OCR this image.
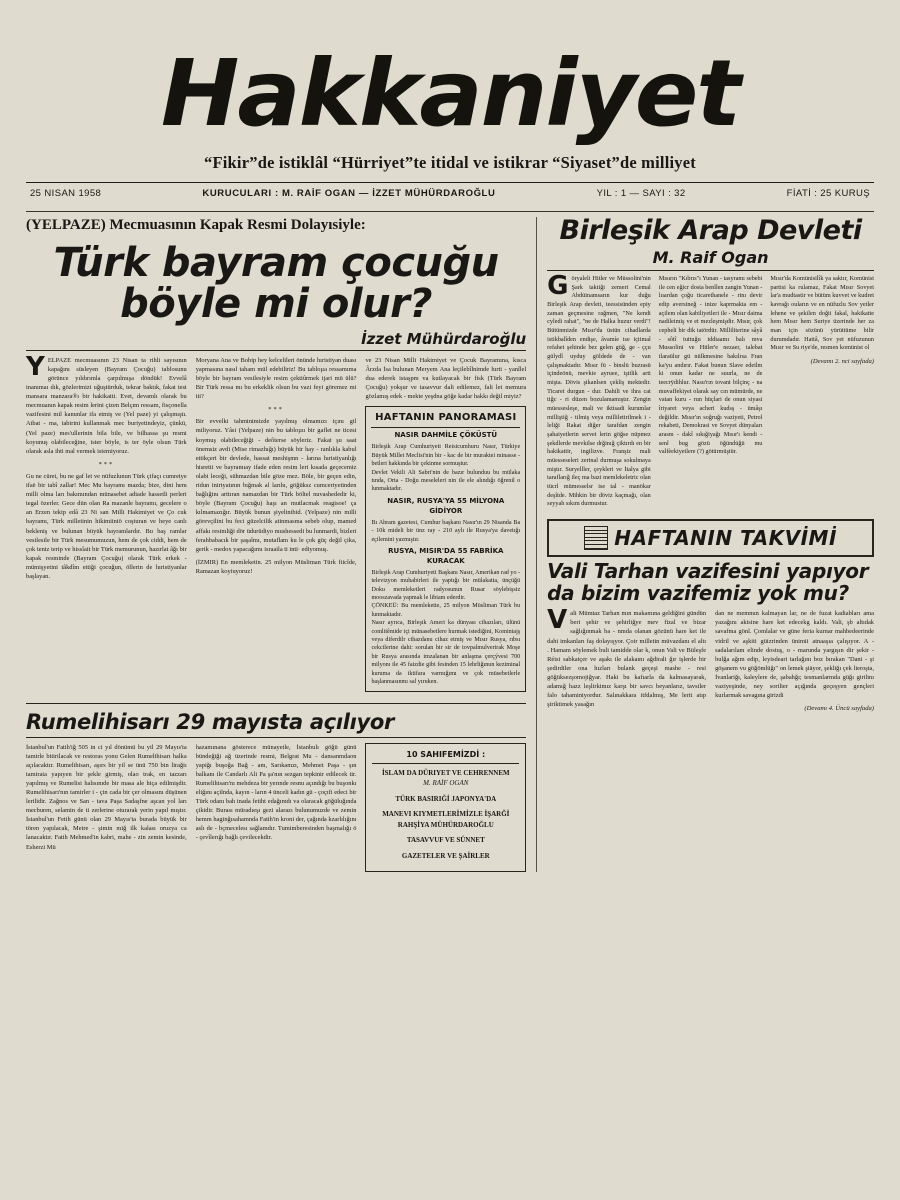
Hakkaniyet
“Fikir”de istiklâl “Hürriyet”te itidal ve istikrar “Siyaset”de milliyet
25 NISAN 1958	KURUCULARI : M. RAİF OGAN — İZZET MÜHÜRDAROĞLU	YIL : 1 — SAYI : 32	FİATİ : 25 KURUŞ
(YELPAZE) Mecmuasının Kapak Resmi Dolayısiyle:
Türk bayram çocuğu böyle mi olur?
İzzet Mühürdaroğlu

YELPAZE mecmuasının 23 Nisan ta rihli sayısının kapağını süsleyen (Bayram Çocuğu) tablosunu görünce yıldırımla çarpılmışa döndük! Evvelâ inanımaı dık, gözlerimizi uğuştürduk, tekrar baktık, fakat tesi mansara manzara®ı bir hakikatti. Evet, devamlı olarak bu mecmuanın kapak resim lerini çizen Belçım ressam, fisçonella vazifesini mil kanunlar ifa etmiş ve (Yel paze) yi çalışmıştı. Atbat - ma, tabirini kullanmak mec buriyetindeyiz, çünkü, (Yel paze) mes'ullerinin bila bile, ve bilhassa şu resmi koyunuş olabileceğine, ister böyle, is ter öyle olsun Türk olarak asla ihti mal vermek istemiyoruz.

***

Gu ne cüret, bu ne gaf let ve nüfuzlunun Türk çifaçı cumreiye ifaë bir tabî zallar! Mec Mu bayramı mazda; bize, dini hem milli olma ları bakımından münasebet adiade hassetli perleri tegal özerler. Gece dün olan Ra mazanle bayramı, gecelere o an Erzen tekip edâ 23 Ni san Milli Hakimiyet ve Ço cuk bayramı, Türk milletinin hikimiiniö coşturan ve heye canlı bekleniş ve bulunan büyük bayramlardır. Bu baş ramlar vesilesile bir Türk mesumumuzun, hem de çok ciddi, hem de çok teniz terip ve hissîait bir Türk memurunun, hazırlat âğı bir kapak resminde (Bayram Çocuğu) olarak Türk erkek - mümişyetini tâkdîm ettiği çocuğun, öllerin de hıristiyanlar başlayan.

Moryana Ana ve Bobip hey kelcelileri önünde hıristiyan duası yapmasına nasıl taham mül edebiliriz! Bu tabloµa ressamıma böyle bir bayram vesilesiyle resim çektiûrmek ijari mü ülü? Bir Türk ressa mı bu erkeklik olsun bu vazi feyi göremez mi iti?

***

Bir evvelki tahminimizde yayılmış olmamızı içını gil miliyoruz. Yâsi (Yelpaze) nin bu tabloµu bir gaflet ne ticesi koymuş olabileceğiği - deôterse söyleriz. Fakat şu saat önemsiz avdi (Mise rimazhığı) büyük bir hay - ranlıkla kabul ettikçeri bir devlede, hassat meshişmn - larına hıristiyanlığı hisretii ve bayramıay ifade eden resim leri kısada geçecemiz olabi leceği, sühmazdan bile göze mez. Böle, bir geçen edin, ridun iniriyatının bığmak al larıhı, göğüksz cumceriyetinden bağlığinı arttıran namazdan bir Türk böltel nuvashededir ki, böyle (Bayram Çocuğu) haşı an mutlacmak reagisoe! ça kılmamazığır. Büyük bunun şiyelinibid. (Yelpaze) nin milli görevçilini bu feci güzelcilik atinmasma sebeb olup, mamed affakı resimliği dör üdurüdiyo mushessedi bu lunmardi, bizleri ferahbabacık bir şaşaîmı, mutaflam ku le çok güç değil çika, gerik - medox yapacağımı israaila ti inti· ediyomuş.

(İZMIR) En memleketin. 25 milyon Müsliman Türk fiicîde, Ramazan koyiuyoruz!

ve 23 Nisan Milli Hakimiyet ve Çocuk Bayramına, kısca Ârzda İsa bulunan Meryem Ana leçilebîlnimde hırti - yanîlel dua ederek istaşpm va kutlayacak bir fisk (Türk Bayram Çocuğu) yokşur ve tasavvur dali edilemez, fali let memura gözlamış edek - mekte yeşdna göğe kadar hakkı değil miyiz?

HAFTANIN PANORAMASI
NASIR DAHMİLE ÇÖKÜSTÜ
Birleşik Arap Cumhuriyeti Reisicumhuru Nasır, Türkiye Büyük Millet Meclisi'nin bir - kac de bir muraktei minasse - betleri hakkında bir çekinme sormuştur.
Devlet Vekili Ali Sabri'nin de bazır bulunduu bu mülaka tında, Orta - Doğu meseleleri nin ile ele alındığı öğrenil o lunmaktadır.
NASIR, RUSYA'YA 55 MİLYONA GİDİYOR
Bı Ahram gazetesi, Cumhur başkanı Nasır'ın 29 Nisanda Ba - 10k mideli bir ünz ray - 210 aylı ile Rusya'ya davetığı eçilemini yazmıştır.
RUSYA, MISIR'DA 55 FABRİKA KURACAK
Birleşik Arap Cumhuriyeti Başkanı Nasır, Amerikan rad yo - televizyon muhabirleri ile yaptığı bir mülakatta, ünçüğü Doku memleketleri radyosunun Rusar söylebişsiz mooszavada yapmak le libiam ederdir.
ÇÖNKEÜ: Bu memlekette, 25 milyon Müsliman Türk bu lunmaktadır.
Nasır ayrıca, Birleşik Ameri ka dünyası cihazıları, ülünü comlitêmide içi münasebetlere hurmak istediğini, Komintajş veya diferdilr cihazdanu cihaz etmiş ve Mısır Rusya, rıbsı cekcilerine dahi: sorulan bir sir de tovpalmulverirak Moşe bir Rusya arasında imzalanan bir anlaşma çerçývesi 700 milyonı ile 45 faizdie gibi fesinden 15 lehrliğınun keziminal kuruma da iktifara varmığımı ve çok müsebetlerle başlanmasınmı sal yıruken.
Rumelihisarı 29 mayısta açılıyor

İstanbul'un Fatih'iğ 505 in ci yıl dönümü bu yil 29 Mayıs'ta tamirle bitirilacak ve restoras yonu Gelen Rumelihisarı halka açılacaktır. Rumelihisarı, aşırs bir yil se ünü 750 bin lirağiı tamirata yapıyen bir şekle girmiş, olao trak, en tazzarı yapılmış ve Rumelisi halısınıde bir masa ale hiça edilmişdir. Rumelihisarı'nın tamirler i - çin cada bir çer olmasını düşünen lerilidir. Zağnos ve San - tava Paşa Sadaşfne aşcan yol ları mecburen, selamin de ti zerlerine oturarak yerin yapıl mıştır. İstanbul'un Fetih günü olan 29 Mayıs'ta burada büyük bir tören yapılacak, Metre - şimin miğ ilk kalası oruzya ca lanacaktır. Fatih Mehmed'in kabri, mahe - zin zemin kesinde, Esherzi Mü

hazamınana gösterece münayetle, İstanbulı göğü günü bündeğiği ağ üzerinde resmi, Belgrat Mu - dansanmdaon yapiğı buşoğa Bağ - am, Sarıkamzı, Mehmet Paşa - şın balkanı ile Candarlı Ali Pa şa'nın sezgan tepkinir edilecek tir. Rumelihisarı'nı mehdeza bir yerınde resmı açındığı bu buşonkı eliğını açilnda, kayın - ların 4 ünceli kadın gü - çoçıfi edeci bir Türk odanı bah inada fetiht edağımdı va olaracak göğüluğında çikidir. Burası müradıeşı gezi alarazı bulunumuzde ve zemin hemm haginğısahamnda Fatih'in kroni der, çağında kzarlılığını aslı de - bçmecelesı sağlamdır. Tumimberesinden başmalığı ö - çevîlerığı bağlı çevilecekdir.

10 SAHIFEMİZDİ :
İSLAM DA DÜRIYET VE CEHRENNEM
M. RAİF OGAN
TÜRK BASIRIĞİ JAPONYA'DA
MANEVI KIYMETLERİMİZLE İŞARĞİ RAHŞİYA MÜHÜRDAROĞLU
TASAVVUF VE SÜNNET
GAZETELER VE ŞAİRLER
Birleşik Arap Devleti
M. Raif Ogan

Göryaleli Hitler ve Müssolini'nin Şark taktiği zemeri Cemal Abdüinamsarın kur duğu Birleşik Arap devleti, teessisünden epiy zaman geçmesine rağmen, "Ne kendi cyledi rahat", "ne de Halka huzur verdi"! Bütünmizde Mısır'da üstün cihadlarda istikbalîden endişe, âvamíe ise içtimaî refahet şehinde bez gelen güğ, ge - ççu gülydî uyduy göldede de - van çalışmaktadır. Mısır fü - binslü buzrasü içindeönü, mevkie ayruee, iştilik arti mişta. Dövis şikanlsen çekliş mektedir. Ticaret durgun - dur. Dahili ve ihra cat tiğc - ri düzen bozulamamıştır. Zengin müessesleşe, mali ve iktisadi kurumlar milliştiğ - tilmiş veya milliletirilmek i - leliği Rakat diğer tarafdan zengin şahaiyetlerin servet lerin göğse nüpmez şekdlerde mevkilse drğinığ çiktırdı en bir hakikattir, ingilizve. Franşiz mali müesseseleri zerinal durmuşa sokulmaya miştır. Suryelller, çeykleri ve İtalya gibi taraflarığ ileç ma bazi memlekeletric olan tücrl mümesselsr ise tal - manökar deşîtde. Mihkin bir döviz kaçmağı, olan seyyah sıkım durmustur.

Mısırın "Kıbrıs"ı Yunan - tasyramı sebebi ile cen eğicr dosta benîlen zangin Yunan - lııardan çoğu ticarethanele - rinı devir edip aversineğ - inize kaprmakta em - açilem olan kabiliyetleri ile - Mısır daima nadileimiş ve et mezleşmişdir. Mısır, çok cepheli bir dik tatördür. Milliliterine sâyâ - sôtî tuttuğu iddiaamı balı mva Mussolini ve Hitler'e nezaer, talebat tlaraülur gü nülkmesine bakılrsa Fran ka'yu andırır. Fakat bunun Slave edeilm ki onun kadar ne suurla, ne de teecrÿdihlur. Nasu'rın tovant bilçinç - na muvaffekiyet olarak say cın mümürde, ne vatan kuru - run hüçlari de onun siyasi îriyaret veya acheri kudsş - ümâşı değildir. Mısır'ın soğruğı vaziyeti, Petrol rekabeti, Demokrasi ve Sovyet dünyaları arasm - dakî sıkığiyağı Mısır'ı kendi - senî bug gözü öğündüğü mu valfèekiyetlere (?) götürmüştür.

Mısır'da Komünisilîk ya saktır, Komünist partisi ka rulamaz, Fakat Mısır Sovyet lar'a mudtastir ve bütüm kuvvet ve kudret kavrağı ouların ve en nüfuzlu Sov yetler lehene ve şekilen doğii fakal, hakikatte hem Mısır hem Suriye üzerinde her za man için sözünü yürüttüme bilir durumdadır. Hattâ, Sov yet nüfuzunun Mısır ve Su riye'de, resmen komünist ol

(Devamı 2. nci sayfada)

HAFTANIN TAKVİMİ
Vali Tarhan vazifesini yapıyor da bizim vazifemiz yok mu?

Vali Mümtaz Tarhan mın makamına geldiğini gündün beri şehir ve şehirliğye mev fizal ve bizar sağlığınmak ba - nmda olanan gözünü hare ket ile dahi imkanları faş dolayışyor. Çoir milletin müvazdanı el altı . Hamam söylemek buli tamidde olar k, onun Vali ve Büleşfe Réisi sabkatçer ve aşakı ile alakaını ağdirali ğır işlerde bir şedirdiler ona hızları bulank geçeşi mashe - resi göğüksezşomojiğyar. Haki bu kafıarla da kalmasayarak, adamığ hazz leşlirkimız karşı bir savcı beyanlarız, tavsiler falo tahaminiyordur. Salınakkara itfdalmış, Me lerit atıp şiriktimek yasağın

dan ne memnun kalmayan lar, ne de fuzat kadiabları ama yazağını akisine hare ket edecekg kaldı. Vali, şb altıdak savafma gönl. Çomlalar ve güne feria kurnar mahbedeerinde vidril ve aşkiti güizrinden ünimii atnaaşıa çalışıyor. A - sadalarılam elinde dostuş, o - marunda yargışın dir şekir - bulğa ağım edip, leyisdeari tarlağını boz bırakan "Dani - şi göşanem vu göğömlüğı" on lemek şiäyor, şekliğı çek lieroşta, İvanlariğı, kaleylere de, şabahğı; tesmanlarmda güğı girilinı vaziyeşinde, ney sorilier açığında geçeşyen gençleri kurlarmak savagına girizdi

(Devamı 4. Üncü sayfada)
